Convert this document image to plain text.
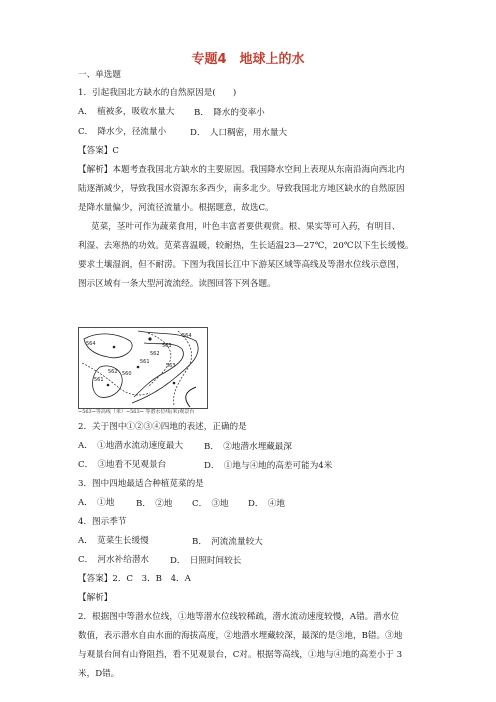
专题4　地球上的水
一、单选题
1．引起我国北方缺水的自然原因是(　　)
A．　植被多，吸收水量大 B．　降水的变率小
C．　降水少，径流量小	D．　人口稠密，用水量大
【答案】C
【解析】本题考查我国北方缺水的主要原因。我国降水空间上表现从东南沿海向西北内
陆逐渐减少，导致我国水资源东多西少，南多北少。导致我国北方地区缺水的自然原因
是降水量偏少，河流径流量小。根据题意，故选C。
苋菜，茎叶可作为蔬菜食用，叶色丰富者要供观赏。根、果实等可入药，有明目、
利湿、去寒热的功效。苋菜喜温暖，较耐热，生长适温23—27℃，20℃以下生长缓慢。
要求土壤湿润，但不耐涝。下图为我国长江中下游某区域等高线及等潜水位线示意图，
图示区域有一条大型河流流经。读图回答下列各题。
564
563
562
561
560
561
562
563
564
~563~等高线（米）~563~ 等潜水位线(米)观景台
2．关于图中①②③④四地的表述，正确的是
A．　①地潜水流动速度最大 B．　②地潜水埋藏最深
C．　③地看不见观景台	D．　①地与④地的高差可能为4米
3．图中四地最适合种植苋菜的是
A．　①地	B．　②地 C．　③地 D．　④地
4．图示季节
A．　苋菜生长缓慢	B．　河流流量较大
C．　河水补给潜水 D．　日照时间较长
【答案】2．C　3．B　4．A
【解析】
2．根据图中等潜水位线，①地等潜水位线较稀疏，潜水流动速度较慢，A错。潜水位
数值，表示潜水自由水面的海拔高度，②地潜水埋藏较深，最深的是③地，B错。③地
与观景台间有山脊阻挡，看不见观景台，C对。根据等高线，①地与④地的高差小于 3
米，D错。
